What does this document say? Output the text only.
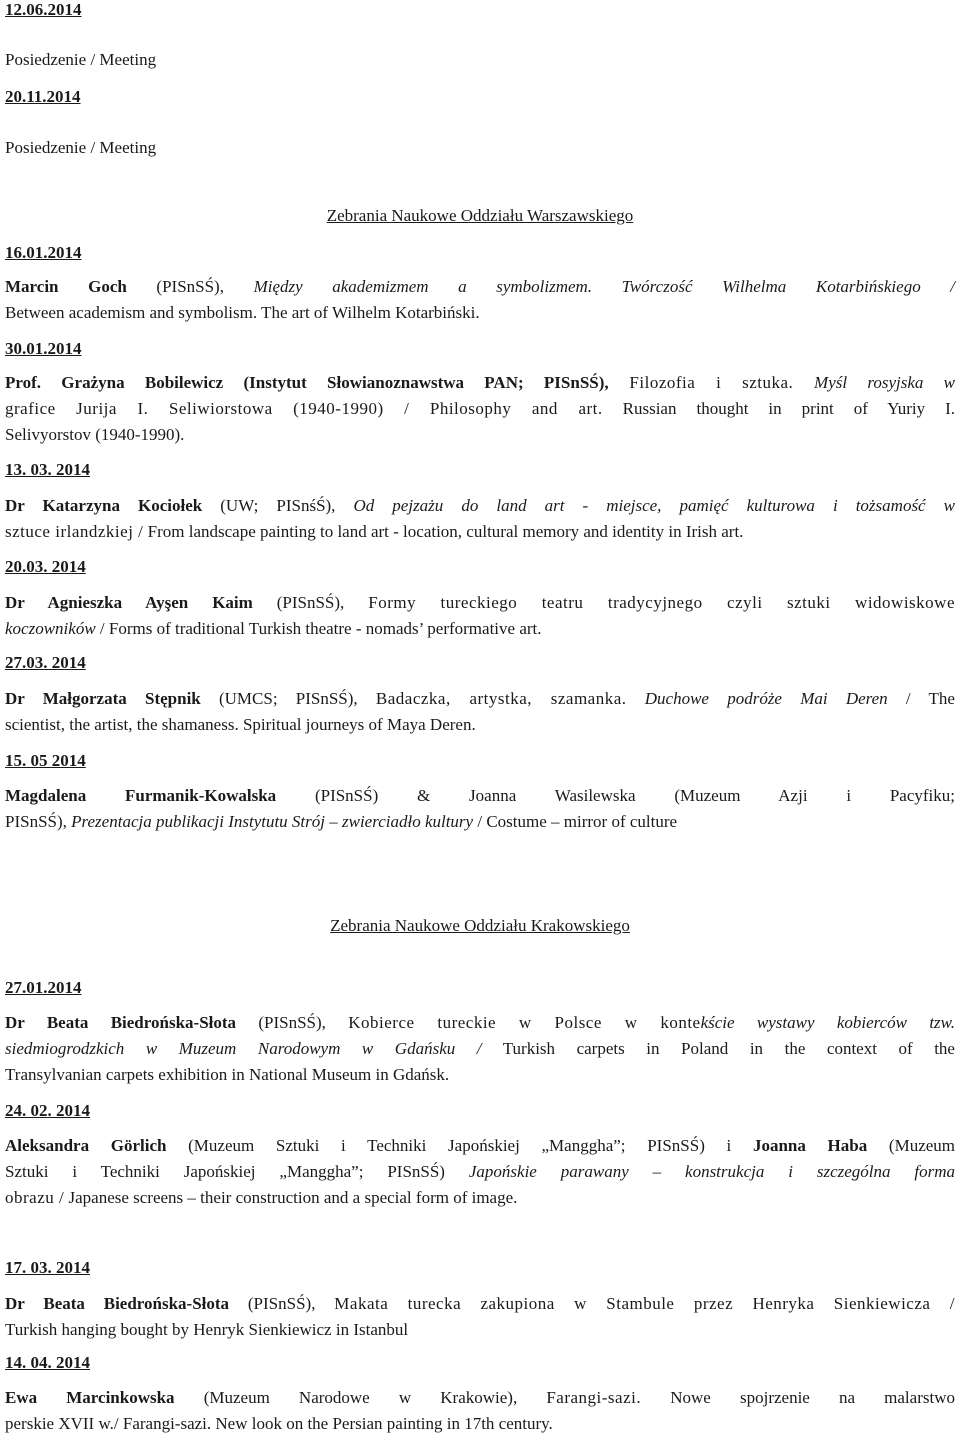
12.06.2014
Posiedzenie / Meeting
20.11.2014
Posiedzenie / Meeting
Zebrania Naukowe Oddziału Warszawskiego
16.01.2014
Marcin Goch (PISnSŚ), Między akademizmem a symbolizmem. Twórczość Wilhelma Kotarbińskiego /
Between academism and symbolism. The art of Wilhelm Kotarbiński.
30.01.2014
Prof. Grażyna Bobilewicz (Instytut Słowianoznawstwa PAN; PISnSŚ), Filozofia i sztuka. Myśl rosyjska w
grafice Jurija I. Seliwiorstowa (1940-1990) / Philosophy and art. Russian thought in print of Yuriy I.
Selivyorstov (1940-1990).
13. 03. 2014
Dr Katarzyna Kociołek (UW; PISnśŚ), Od pejzażu do land art - miejsce, pamięć kulturowa i tożsamość w
sztuce irlandzkiej / From landscape painting to land art - location, cultural memory and identity in Irish art.
20.03. 2014
Dr Agnieszka Ayşen Kaim (PISnSŚ), Formy tureckiego teatru tradycyjnego czyli sztuki widowiskowe
koczowników / Forms of traditional Turkish theatre - nomads’ performative art.
27.03. 2014
Dr Małgorzata Stępnik (UMCS; PISnSŚ), Badaczka, artystka, szamanka. Duchowe podróże Mai Deren / The
scientist, the artist, the shamaness. Spiritual journeys of Maya Deren.
15. 05 2014
Magdalena Furmanik-Kowalska (PISnSŚ) & Joanna Wasilewska (Muzeum Azji i Pacyfiku;
PISnSŚ), Prezentacja publikacji Instytutu Strój – zwierciadło kultury / Costume – mirror of culture
Zebrania Naukowe Oddziału Krakowskiego
27.01.2014
Dr Beata Biedrońska-Słota (PISnSŚ), Kobierce tureckie w Polsce w kontekście wystawy kobierców tzw.
siedmiogrodzkich w Muzeum Narodowym w Gdańsku / Turkish carpets in Poland in the context of the
Transylvanian carpets exhibition in National Museum in Gdańsk.
24. 02. 2014
Aleksandra Görlich (Muzeum Sztuki i Techniki Japońskiej „Manggha”; PISnSŚ) i Joanna Haba (Muzeum
Sztuki i Techniki Japońskiej „Manggha”; PISnSŚ) Japońskie parawany – konstrukcja i szczególna forma
obrazu / Japanese screens – their construction and a special form of image.
17. 03. 2014
Dr Beata Biedrońska-Słota (PISnSŚ), Makata turecka zakupiona w Stambule przez Henryka Sienkiewicza /
Turkish hanging bought by Henryk Sienkiewicz in Istanbul
14. 04. 2014
Ewa Marcinkowska (Muzeum Narodowe w Krakowie), Farangi-sazi. Nowe spojrzenie na malarstwo
perskie XVII w./ Farangi-sazi. New look on the Persian painting in 17th century.
